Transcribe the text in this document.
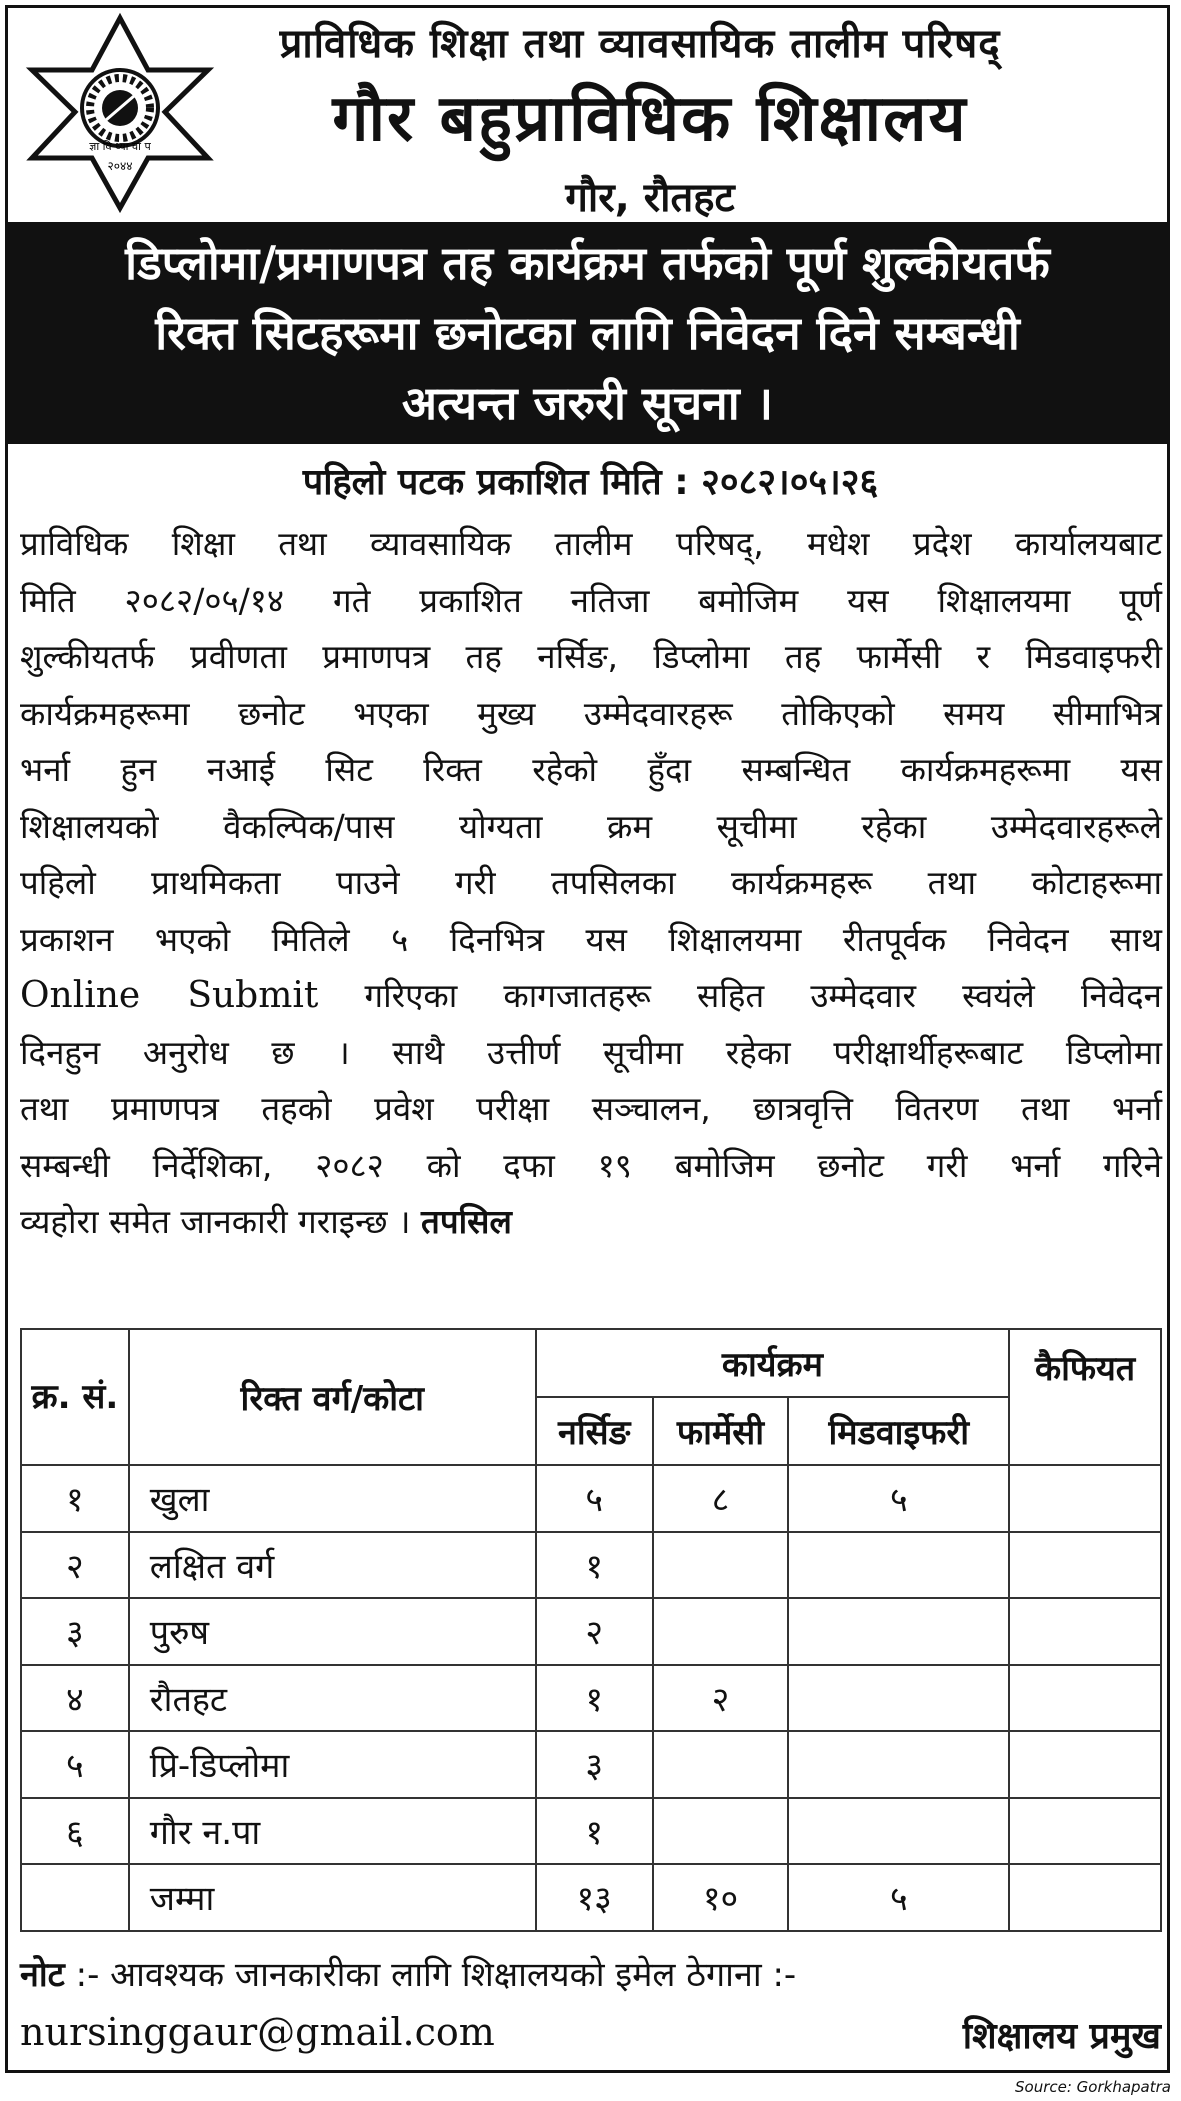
ज्ञा वि ध्या वा प
२०४४
प्राविधिक शिक्षा तथा व्यावसायिक तालीम परिषद्
गौर बहुप्राविधिक शिक्षालय
गौर, रौतहट
डिप्लोमा/प्रमाणपत्र तह कार्यक्रम तर्फको पूर्ण शुल्कीयतर्फ
रिक्त सिटहरूमा छनोटका लागि निवेदन दिने सम्बन्धी
अत्यन्त जरुरी सूचना ।
पहिलो पटक प्रकाशित मिति : २०८२।०५।२६
प्राविधिक शिक्षा तथा व्यावसायिक तालीम परिषद्, मधेश प्रदेश कार्यालयबाट
मिति २०८२/०५/१४ गते प्रकाशित नतिजा बमोजिम यस शिक्षालयमा पूर्ण
शुल्कीयतर्फ प्रवीणता प्रमाणपत्र तह नर्सिङ, डिप्लोमा तह फार्मेसी र मिडवाइफरी
कार्यक्रमहरूमा छनोट भएका मुख्य उम्मेदवारहरू तोकिएको समय सीमाभित्र
भर्ना हुन नआई सिट रिक्त रहेको हुँदा सम्बन्धित कार्यक्रमहरूमा यस
शिक्षालयको वैकल्पिक/पास योग्यता क्रम सूचीमा रहेका उम्मेदवारहरूले
पहिलो प्राथमिकता पाउने गरी तपसिलका कार्यक्रमहरू तथा कोटाहरूमा
प्रकाशन भएको मितिले ५ दिनभित्र यस शिक्षालयमा रीतपूर्वक निवेदन साथ
Online Submit गरिएका कागजातहरू सहित उम्मेदवार स्वयंले निवेदन
दिनहुन अनुरोध छ । साथै उत्तीर्ण सूचीमा रहेका परीक्षार्थीहरूबाट डिप्लोमा
तथा प्रमाणपत्र तहको प्रवेश परीक्षा सञ्चालन, छात्रवृत्ति वितरण तथा भर्ना
सम्बन्धी निर्देशिका, २०८२ को दफा १९ बमोजिम छनोट गरी भर्ना गरिने
व्यहोरा समेत जानकारी गराइन्छ । तपसिल
क्र. सं.	रिक्त वर्ग/कोटा	कार्यक्रम			कैफियत
		नर्सिङ	फार्मेसी	मिडवाइफरी	
१	खुला	५	८	५	
२	लक्षित वर्ग	१			
३	पुरुष	२			
४	रौतहट	१	२		
५	प्रि-डिप्लोमा	३			
६	गौर न.पा	१			
	जम्मा	१३	१०	५	
नोट :- आवश्यक जानकारीका लागि शिक्षालयको इमेल ठेगाना :-
nursinggaur@gmail.com	शिक्षालय प्रमुख
Source: Gorkhapatra
